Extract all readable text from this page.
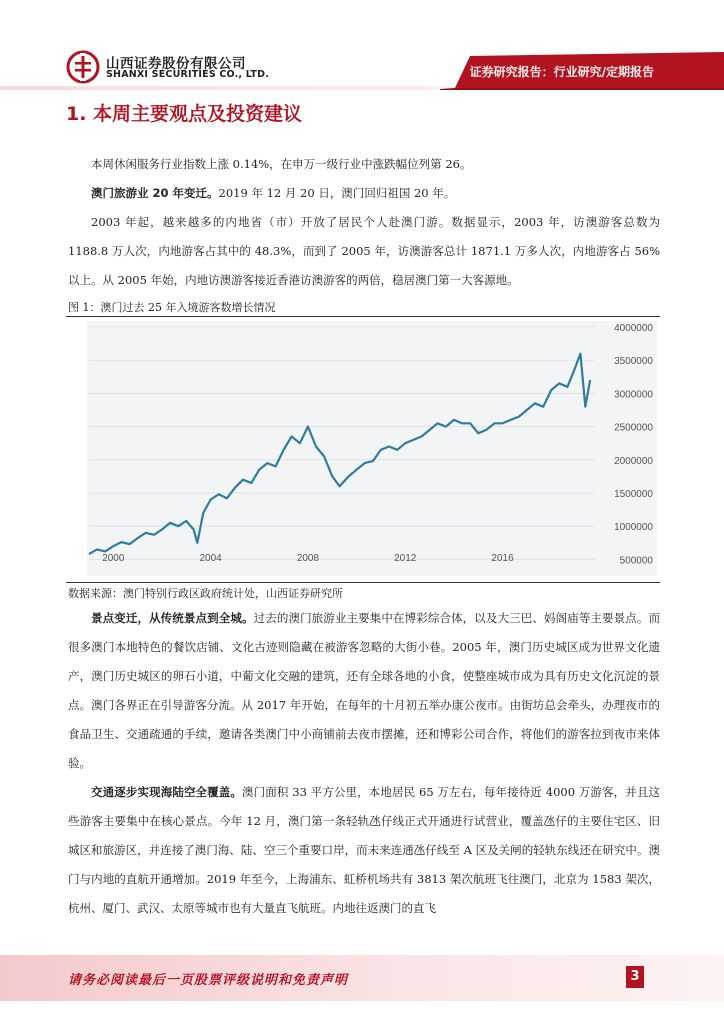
山西证券股份有限公司
SHANXI SECURITIES CO., LTD.	证券研究报告：行业研究/定期报告
1. 本周主要观点及投资建议

本周休闲服务行业指数上涨 0.14%，在申万一级行业中涨跌幅位列第 26。

澳门旅游业 20 年变迁。2019 年 12 月 20 日，澳门回归祖国 20 年。

2003 年起，越来越多的内地省（市）开放了居民个人赴澳门游。数据显示，2003 年，访澳游客总数为 1188.8 万人次，内地游客占其中的 48.3%，而到了 2005 年，访澳游客总计 1871.1 万多人次，内地游客占 56% 以上。从 2005 年始，内地访澳游客接近香港访澳游客的两倍，稳居澳门第一大客源地。

图 1：澳门过去 25 年入境游客数增长情况
2000	2004	2008	2012	2016	500000
1000000
1500000
2000000
2500000
3000000
3500000
4000000
数据来源：澳门特别行政区政府统计处，山西证券研究所

景点变迁，从传统景点到全城。过去的澳门旅游业主要集中在博彩综合体，以及大三巴、妈阁庙等主要景点。而很多澳门本地特色的餐饮店铺、文化古迹则隐藏在被游客忽略的大街小巷。2005 年，澳门历史城区成为世界文化遗产，澳门历史城区的卵石小道，中葡文化交融的建筑，还有全球各地的小食，使整座城市成为具有历史文化沉淀的景点。澳门各界正在引导游客分流。从 2017 年开始，在每年的十月初五举办康公夜市。由街坊总会牵头，办理夜市的食品卫生、交通疏通的手续，邀请各类澳门中小商铺前去夜市摆摊，还和博彩公司合作，将他们的游客拉到夜市来体验。

交通逐步实现海陆空全覆盖。澳门面积 33 平方公里，本地居民 65 万左右，每年接待近 4000 万游客，并且这些游客主要集中在核心景点。今年 12 月，澳门第一条轻轨氹仔线正式开通进行试营业，覆盖氹仔的主要住宅区、旧城区和旅游区，并连接了澳门海、陆、空三个重要口岸，而未来连通氹仔线至 A 区及关闸的轻轨东线还在研究中。澳门与内地的直航开通增加。2019 年至今，上海浦东、虹桥机场共有 3813 架次航班飞往澳门，北京为 1583 架次，杭州、厦门、武汉、太原等城市也有大量直飞航班。内地往返澳门的直飞

请务必阅读最后一页股票评级说明和免责声明	3
